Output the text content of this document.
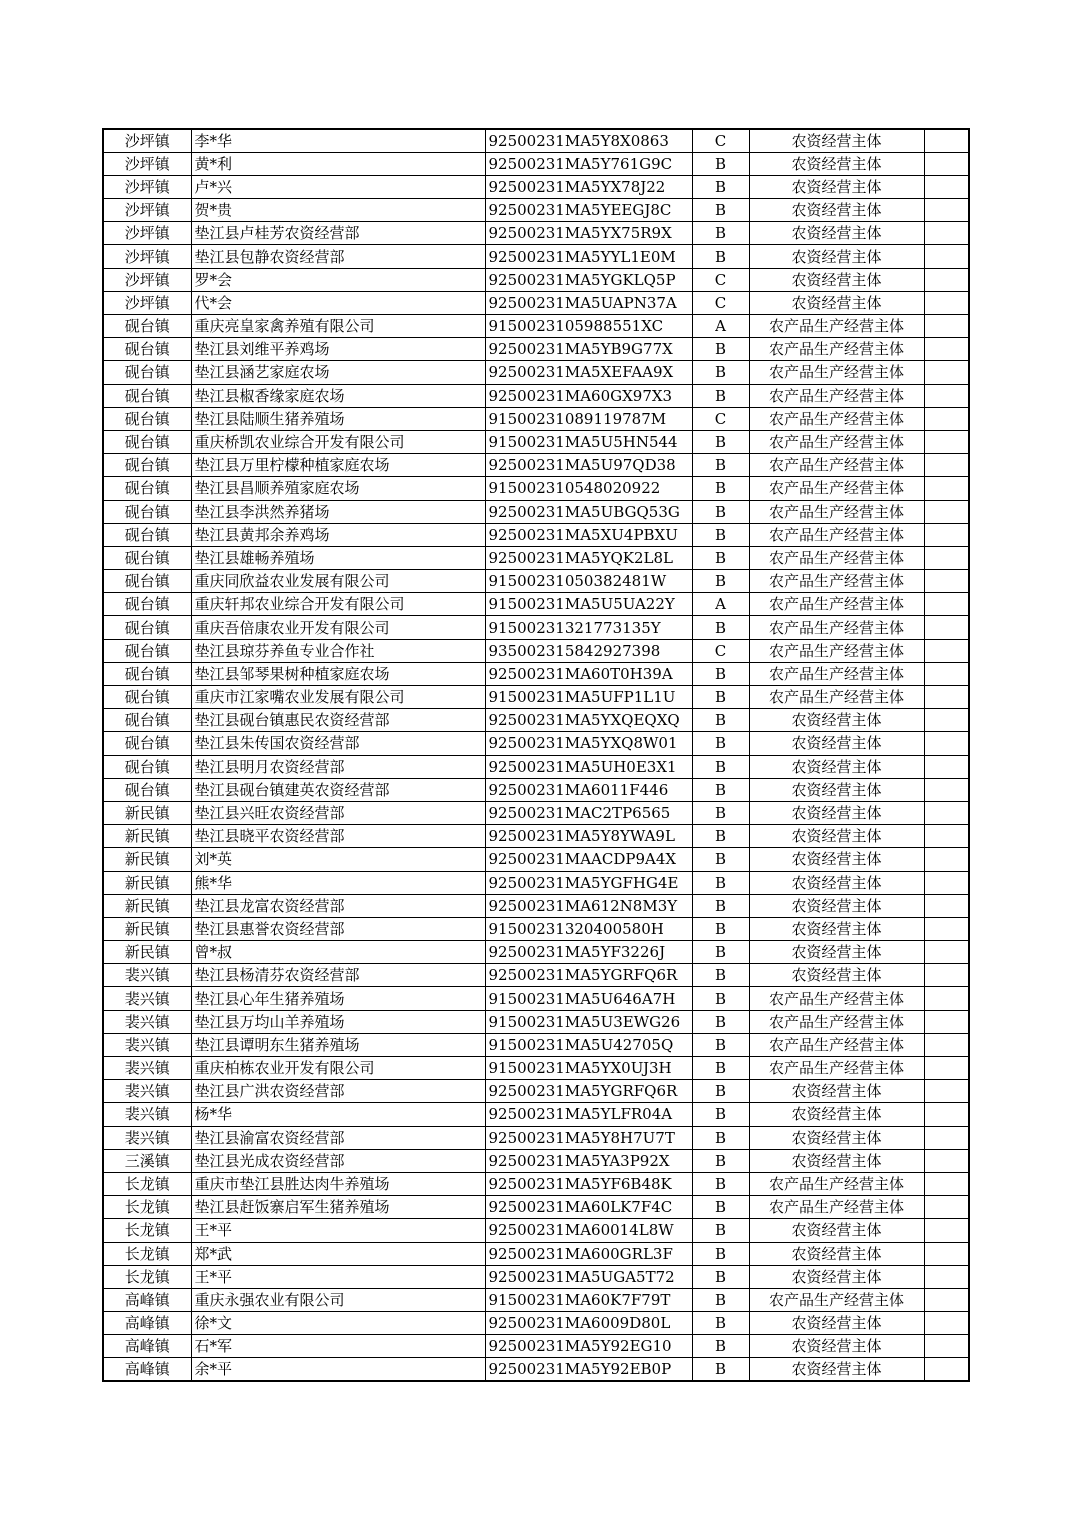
沙坪镇	李*华	92500231MA5Y8X0863	C	农资经营主体	
沙坪镇	黄*利	92500231MA5Y761G9C	B	农资经营主体	
沙坪镇	卢*兴	92500231MA5YX78J22	B	农资经营主体	
沙坪镇	贺*贵	92500231MA5YEEGJ8C	B	农资经营主体	
沙坪镇	垫江县卢桂芳农资经营部	92500231MA5YX75R9X	B	农资经营主体	
沙坪镇	垫江县包静农资经营部	92500231MA5YYL1E0M	B	农资经营主体	
沙坪镇	罗*会	92500231MA5YGKLQ5P	C	农资经营主体	
沙坪镇	代*会	92500231MA5UAPN37A	C	农资经营主体	
砚台镇	重庆亮皇家禽养殖有限公司	9150023105988551XC	A	农产品生产经营主体	
砚台镇	垫江县刘维平养鸡场	92500231MA5YB9G77X	B	农产品生产经营主体	
砚台镇	垫江县涵艺家庭农场	92500231MA5XEFAA9X	B	农产品生产经营主体	
砚台镇	垫江县椒香缘家庭农场	92500231MA60GX97X3	B	农产品生产经营主体	
砚台镇	垫江县陆顺生猪养殖场	91500231089119787M	C	农产品生产经营主体	
砚台镇	重庆桥凯农业综合开发有限公司	91500231MA5U5HN544	B	农产品生产经营主体	
砚台镇	垫江县万里柠檬种植家庭农场	92500231MA5U97QD38	B	农产品生产经营主体	
砚台镇	垫江县昌顺养殖家庭农场	915002310548020922	B	农产品生产经营主体	
砚台镇	垫江县李洪然养猪场	92500231MA5UBGQ53G	B	农产品生产经营主体	
砚台镇	垫江县黄邦余养鸡场	92500231MA5XU4PBXU	B	农产品生产经营主体	
砚台镇	垫江县雄畅养殖场	92500231MA5YQK2L8L	B	农产品生产经营主体	
砚台镇	重庆同欣益农业发展有限公司	91500231050382481W	B	农产品生产经营主体	
砚台镇	重庆轩邦农业综合开发有限公司	91500231MA5U5UA22Y	A	农产品生产经营主体	
砚台镇	重庆吾倍康农业开发有限公司	91500231321773135Y	B	农产品生产经营主体	
砚台镇	垫江县琼芬养鱼专业合作社	935002315842927398	C	农产品生产经营主体	
砚台镇	垫江县邹琴果树种植家庭农场	92500231MA60T0H39A	B	农产品生产经营主体	
砚台镇	重庆市江家嘴农业发展有限公司	91500231MA5UFP1L1U	B	农产品生产经营主体	
砚台镇	垫江县砚台镇惠民农资经营部	92500231MA5YXQEQXQ	B	农资经营主体	
砚台镇	垫江县朱传国农资经营部	92500231MA5YXQ8W01	B	农资经营主体	
砚台镇	垫江县明月农资经营部	92500231MA5UH0E3X1	B	农资经营主体	
砚台镇	垫江县砚台镇建英农资经营部	92500231MA6011F446	B	农资经营主体	
新民镇	垫江县兴旺农资经营部	92500231MAC2TP6565	B	农资经营主体	
新民镇	垫江县晓平农资经营部	92500231MA5Y8YWA9L	B	农资经营主体	
新民镇	刘*英	92500231MAACDP9A4X	B	农资经营主体	
新民镇	熊*华	92500231MA5YGFHG4E	B	农资经营主体	
新民镇	垫江县龙富农资经营部	92500231MA612N8M3Y	B	农资经营主体	
新民镇	垫江县惠誉农资经营部	91500231320400580H	B	农资经营主体	
新民镇	曾*叔	92500231MA5YF3226J	B	农资经营主体	
裴兴镇	垫江县杨清芬农资经营部	92500231MA5YGRFQ6R	B	农资经营主体	
裴兴镇	垫江县心年生猪养殖场	91500231MA5U646A7H	B	农产品生产经营主体	
裴兴镇	垫江县万均山羊养殖场	91500231MA5U3EWG26	B	农产品生产经营主体	
裴兴镇	垫江县谭明东生猪养殖场	91500231MA5U42705Q	B	农产品生产经营主体	
裴兴镇	重庆柏栋农业开发有限公司	91500231MA5YX0UJ3H	B	农产品生产经营主体	
裴兴镇	垫江县广洪农资经营部	92500231MA5YGRFQ6R	B	农资经营主体	
裴兴镇	杨*华	92500231MA5YLFR04A	B	农资经营主体	
裴兴镇	垫江县渝富农资经营部	92500231MA5Y8H7U7T	B	农资经营主体	
三溪镇	垫江县光成农资经营部	92500231MA5YA3P92X	B	农资经营主体	
长龙镇	重庆市垫江县胜达肉牛养殖场	92500231MA5YF6B48K	B	农产品生产经营主体	
长龙镇	垫江县赶饭寨启军生猪养殖场	92500231MA60LK7F4C	B	农产品生产经营主体	
长龙镇	王*平	92500231MA60014L8W	B	农资经营主体	
长龙镇	郑*武	92500231MA600GRL3F	B	农资经营主体	
长龙镇	王*平	92500231MA5UGA5T72	B	农资经营主体	
高峰镇	重庆永强农业有限公司	91500231MA60K7F79T	B	农产品生产经营主体	
高峰镇	徐*文	92500231MA6009D80L	B	农资经营主体	
高峰镇	石*军	92500231MA5Y92EG10	B	农资经营主体	
高峰镇	余*平	92500231MA5Y92EB0P	B	农资经营主体	
